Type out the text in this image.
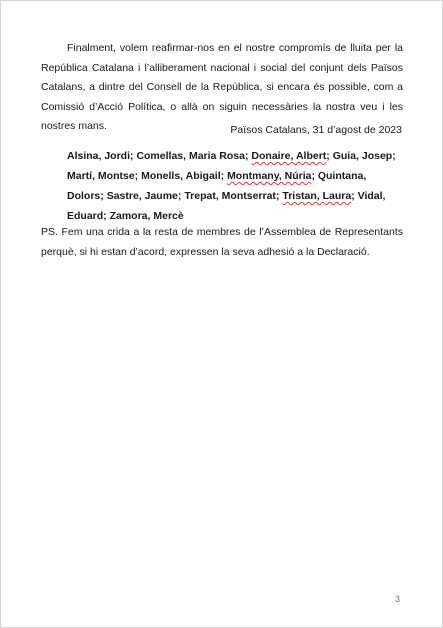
Finalment, volem reafirmar-nos en el nostre compromís de lluita per la República Catalana i l’alliberament nacional i social del conjunt dels Països Catalans, a dintre del Consell de la República, si encara és possible, com a Comissió d’Acció Política, o allà on siguin necessàries la nostra veu i les nostres mans.	Països Catalans, 31 d’agost de 2023
Alsina, Jordi; Comellas, Maria Rosa; Donaire, Albert; Guia, Josep; Martí, Montse; Monells, Abigail; Montmany, Núria; Quintana, Dolors; Sastre, Jaume; Trepat, Montserrat; Tristan, Laura; Vidal, Eduard; Zamora, Mercè

PS. Fem una crida a la resta de membres de l’Assemblea de Representants perquè, si hi estan d’acord, expressen la seva adhesió a la Declaració.

3
